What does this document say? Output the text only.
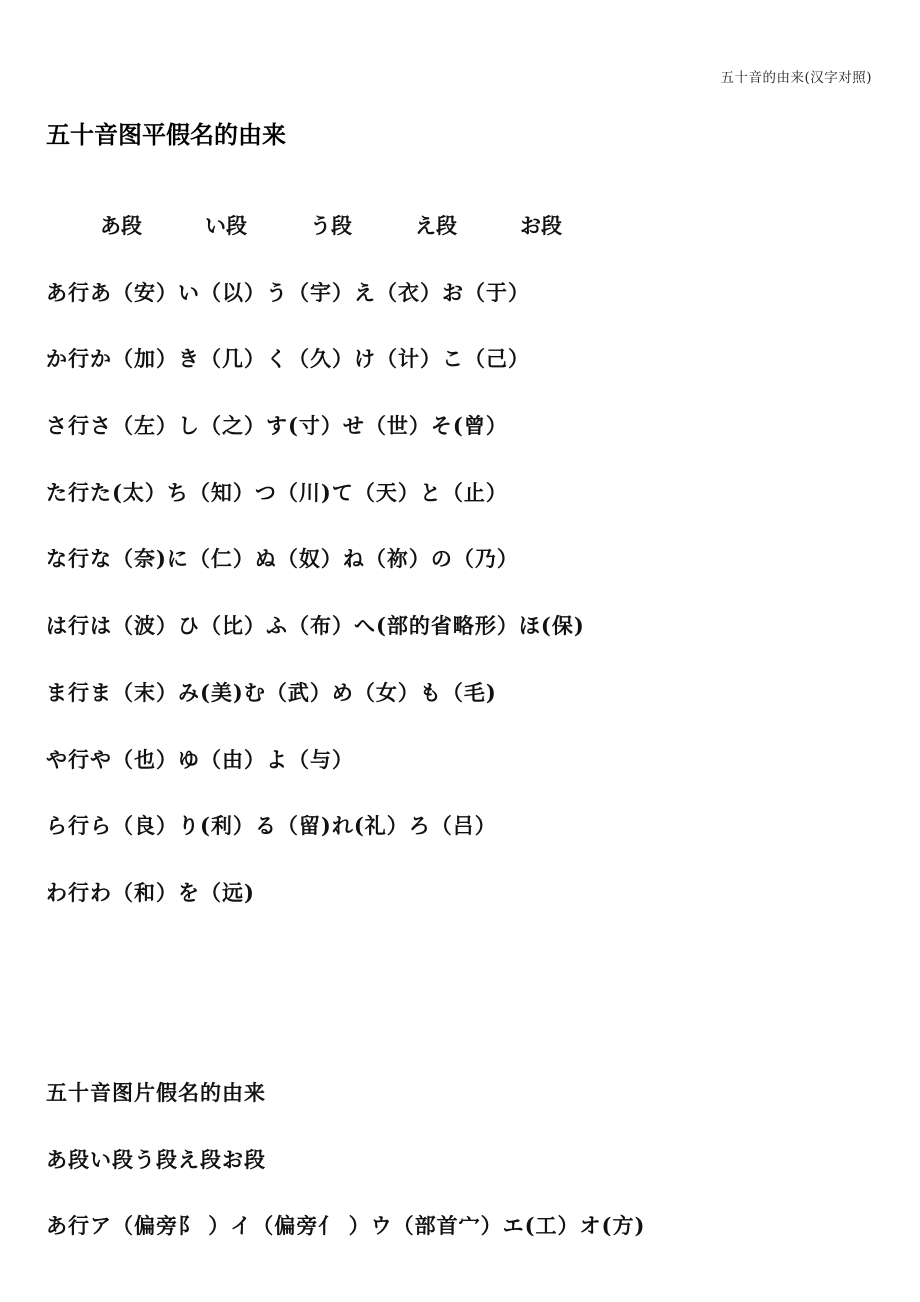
五十音的由来(汉字对照)
五十音图平假名的由来
あ段	い段	う段	え段	お段
あ行あ（安）い（以）う（宇）え（衣）お（于）
か行か（加）き（几）く（久）け（计）こ（己）
さ行さ（左）し（之）す(寸）せ（世）そ(曾）
た行た(太）ち（知）つ（川)て（天）と（止）
な行な（奈)に（仁）ぬ（奴）ね（祢）の（乃）
は行は（波）ひ（比）ふ（布）へ(部的省略形）ほ(保)
ま行ま（末）み(美)む（武）め（女）も（毛)
や行や（也）ゆ（由）よ（与）
ら行ら（良）り(利）る（留)れ(礼）ろ（吕）
わ行わ（和）を（远)
五十音图片假名的由来
あ段い段う段え段お段
あ行ア（偏旁阝 ）イ（偏旁亻 ）ウ（部首宀）エ(工）オ(方)
